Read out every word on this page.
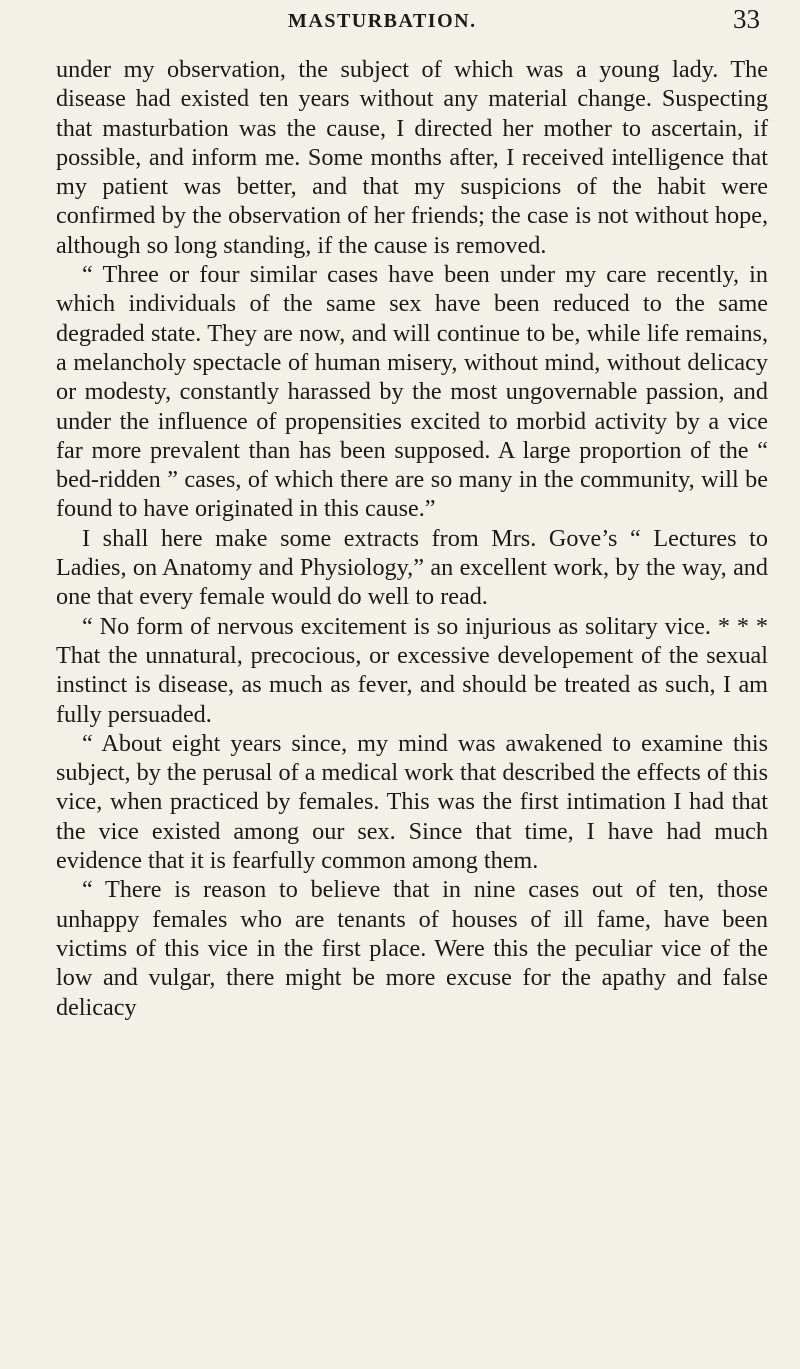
MASTURBATION.	33

under my observation, the subject of which was a young lady. The disease had existed ten years without any material change. Suspecting that masturbation was the cause, I directed her mother to ascertain, if possible, and inform me. Some months after, I received intelligence that my patient was better, and that my suspicions of the habit were confirmed by the observation of her friends; the case is not without hope, although so long standing, if the cause is removed.

“ Three or four similar cases have been under my care recently, in which individuals of the same sex have been reduced to the same degraded state. They are now, and will continue to be, while life remains, a melancholy spectacle of human misery, without mind, without delicacy or modesty, constantly harassed by the most ungovernable passion, and under the influence of propensities excited to morbid activity by a vice far more prevalent than has been supposed. A large proportion of the “ bed-ridden ” cases, of which there are so many in the community, will be found to have originated in this cause.”

I shall here make some extracts from Mrs. Gove’s “ Lectures to Ladies, on Anatomy and Physiology,” an excellent work, by the way, and one that every female would do well to read.

“ No form of nervous excitement is so injurious as solitary vice. * * * That the unnatural, precocious, or excessive developement of the sexual instinct is disease, as much as fever, and should be treated as such, I am fully persuaded.

“ About eight years since, my mind was awakened to examine this subject, by the perusal of a medical work that described the effects of this vice, when practiced by females. This was the first intimation I had that the vice existed among our sex. Since that time, I have had much evidence that it is fearfully common among them.

“ There is reason to believe that in nine cases out of ten, those unhappy females who are tenants of houses of ill fame, have been victims of this vice in the first place. Were this the peculiar vice of the low and vulgar, there might be more excuse for the apathy and false delicacy
